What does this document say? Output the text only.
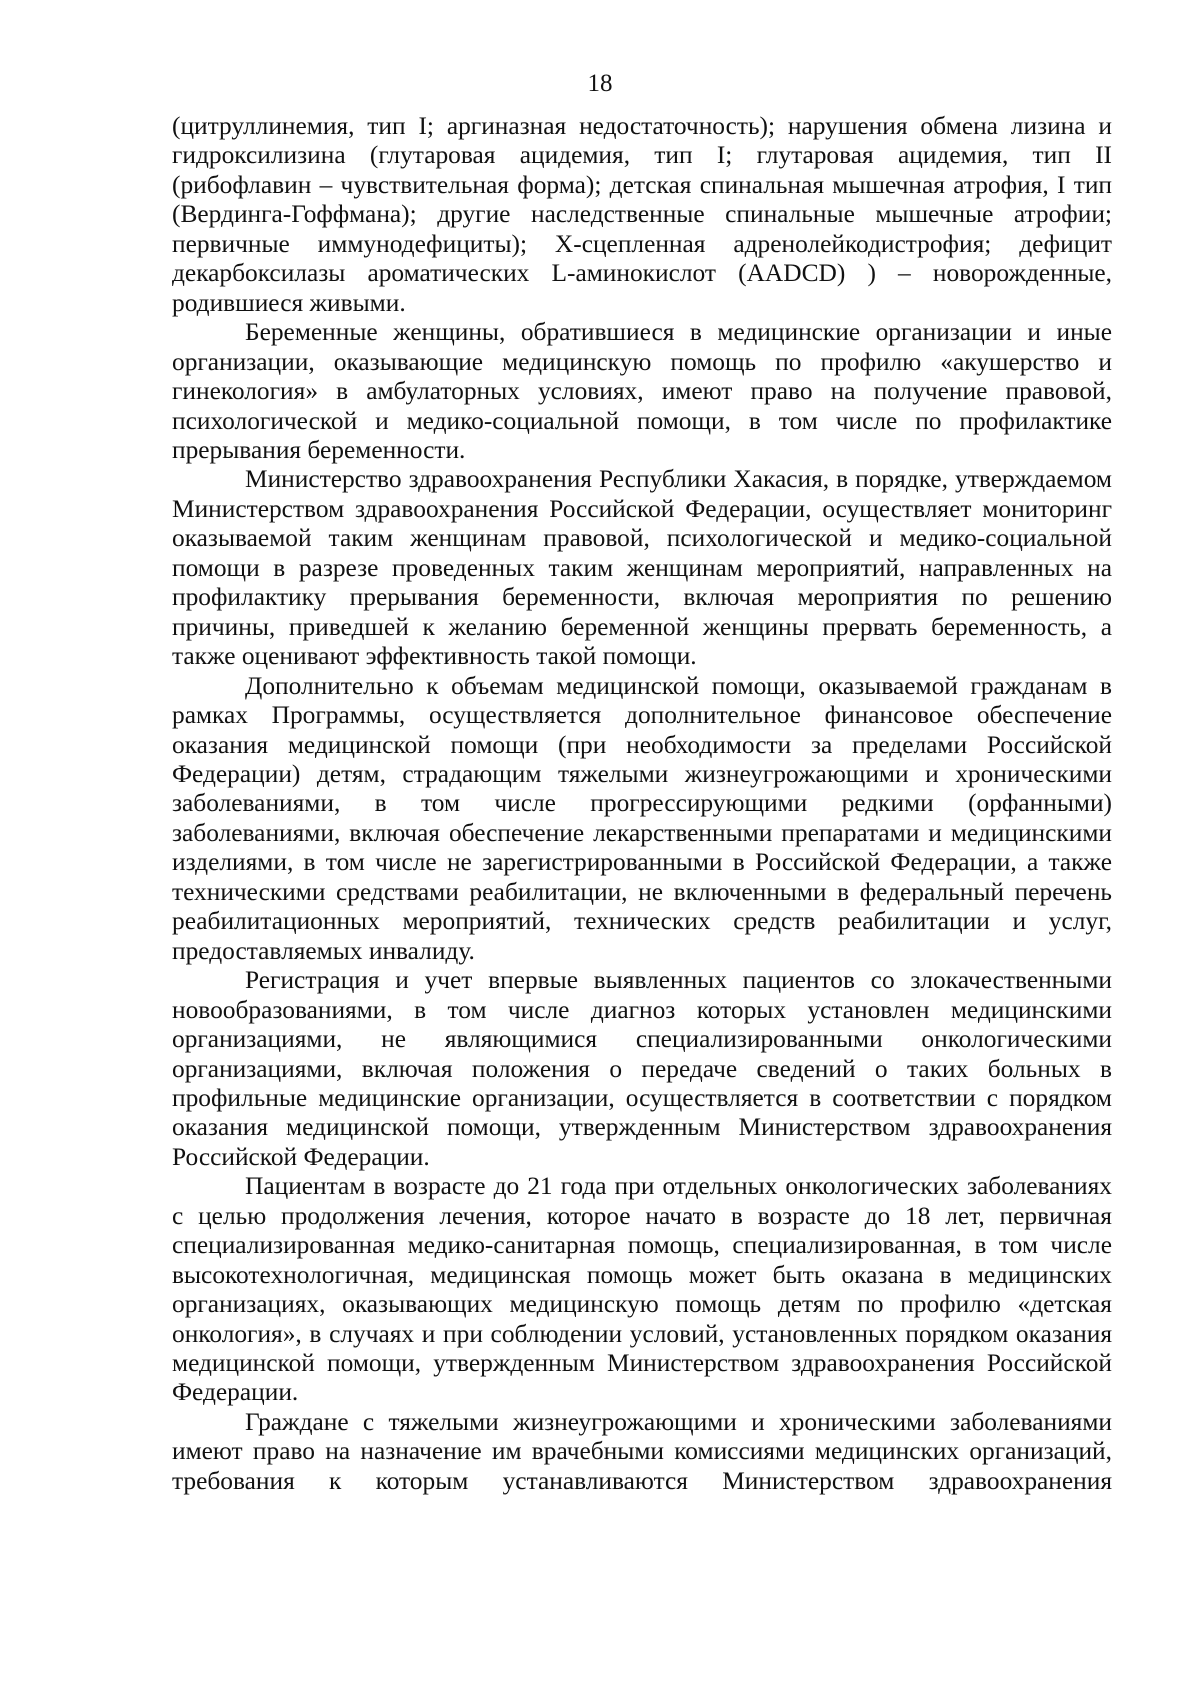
18

(цитруллинемия, тип I; аргиназная недостаточность); нарушения обмена лизина и гидроксилизина (глутаровая ацидемия, тип I; глутаровая ацидемия, тип II (рибофлавин – чувствительная форма); детская спинальная мышечная атрофия, I тип (Вердинга-Гоффмана); другие наследственные спинальные мышечные атрофии; первичные иммунодефициты); Х-сцепленная адренолейкодистрофия; дефицит декарбоксилазы ароматических L-аминокислот (AADCD) ) – новорожденные, родившиеся живыми.

Беременные женщины, обратившиеся в медицинские организации и иные организации, оказывающие медицинскую помощь по профилю «акушерство и гинекология» в амбулаторных условиях, имеют право на получение правовой, психологической и медико-социальной помощи, в том числе по профилактике прерывания беременности.

Министерство здравоохранения Республики Хакасия, в порядке, утверждаемом Министерством здравоохранения Российской Федерации, осуществляет мониторинг оказываемой таким женщинам правовой, психологической и медико-социальной помощи в разрезе проведенных таким женщинам мероприятий, направленных на профилактику прерывания беременности, включая мероприятия по решению причины, приведшей к желанию беременной женщины прервать беременность, а также оценивают эффективность такой помощи.

Дополнительно к объемам медицинской помощи, оказываемой гражданам в рамках Программы, осуществляется дополнительное финансовое обеспечение оказания медицинской помощи (при необходимости за пределами Российской Федерации) детям, страдающим тяжелыми жизнеугрожающими и хроническими заболеваниями, в том числе прогрессирующими редкими (орфанными) заболеваниями, включая обеспечение лекарственными препаратами и медицинскими изделиями, в том числе не зарегистрированными в Российской Федерации, а также техническими средствами реабилитации, не включенными в федеральный перечень реабилитационных мероприятий, технических средств реабилитации и услуг, предоставляемых инвалиду.

Регистрация и учет впервые выявленных пациентов со злокачественными новообразованиями, в том числе диагноз которых установлен медицинскими организациями, не являющимися специализированными онкологическими организациями, включая положения о передаче сведений о таких больных в профильные медицинские организации, осуществляется в соответствии с порядком оказания медицинской помощи, утвержденным Министерством здравоохранения Российской Федерации.

Пациентам в возрасте до 21 года при отдельных онкологических заболеваниях с целью продолжения лечения, которое начато в возрасте до 18 лет, первичная специализированная медико-санитарная помощь, специализированная, в том числе высокотехнологичная, медицинская помощь может быть оказана в медицинских организациях, оказывающих медицинскую помощь детям по профилю «детская онкология», в случаях и при соблюдении условий, установленных порядком оказания медицинской помощи, утвержденным Министерством здравоохранения Российской Федерации.

Граждане с тяжелыми жизнеугрожающими и хроническими заболеваниями имеют право на назначение им врачебными комиссиями медицинских организаций, требования к которым устанавливаются Министерством здравоохранения
